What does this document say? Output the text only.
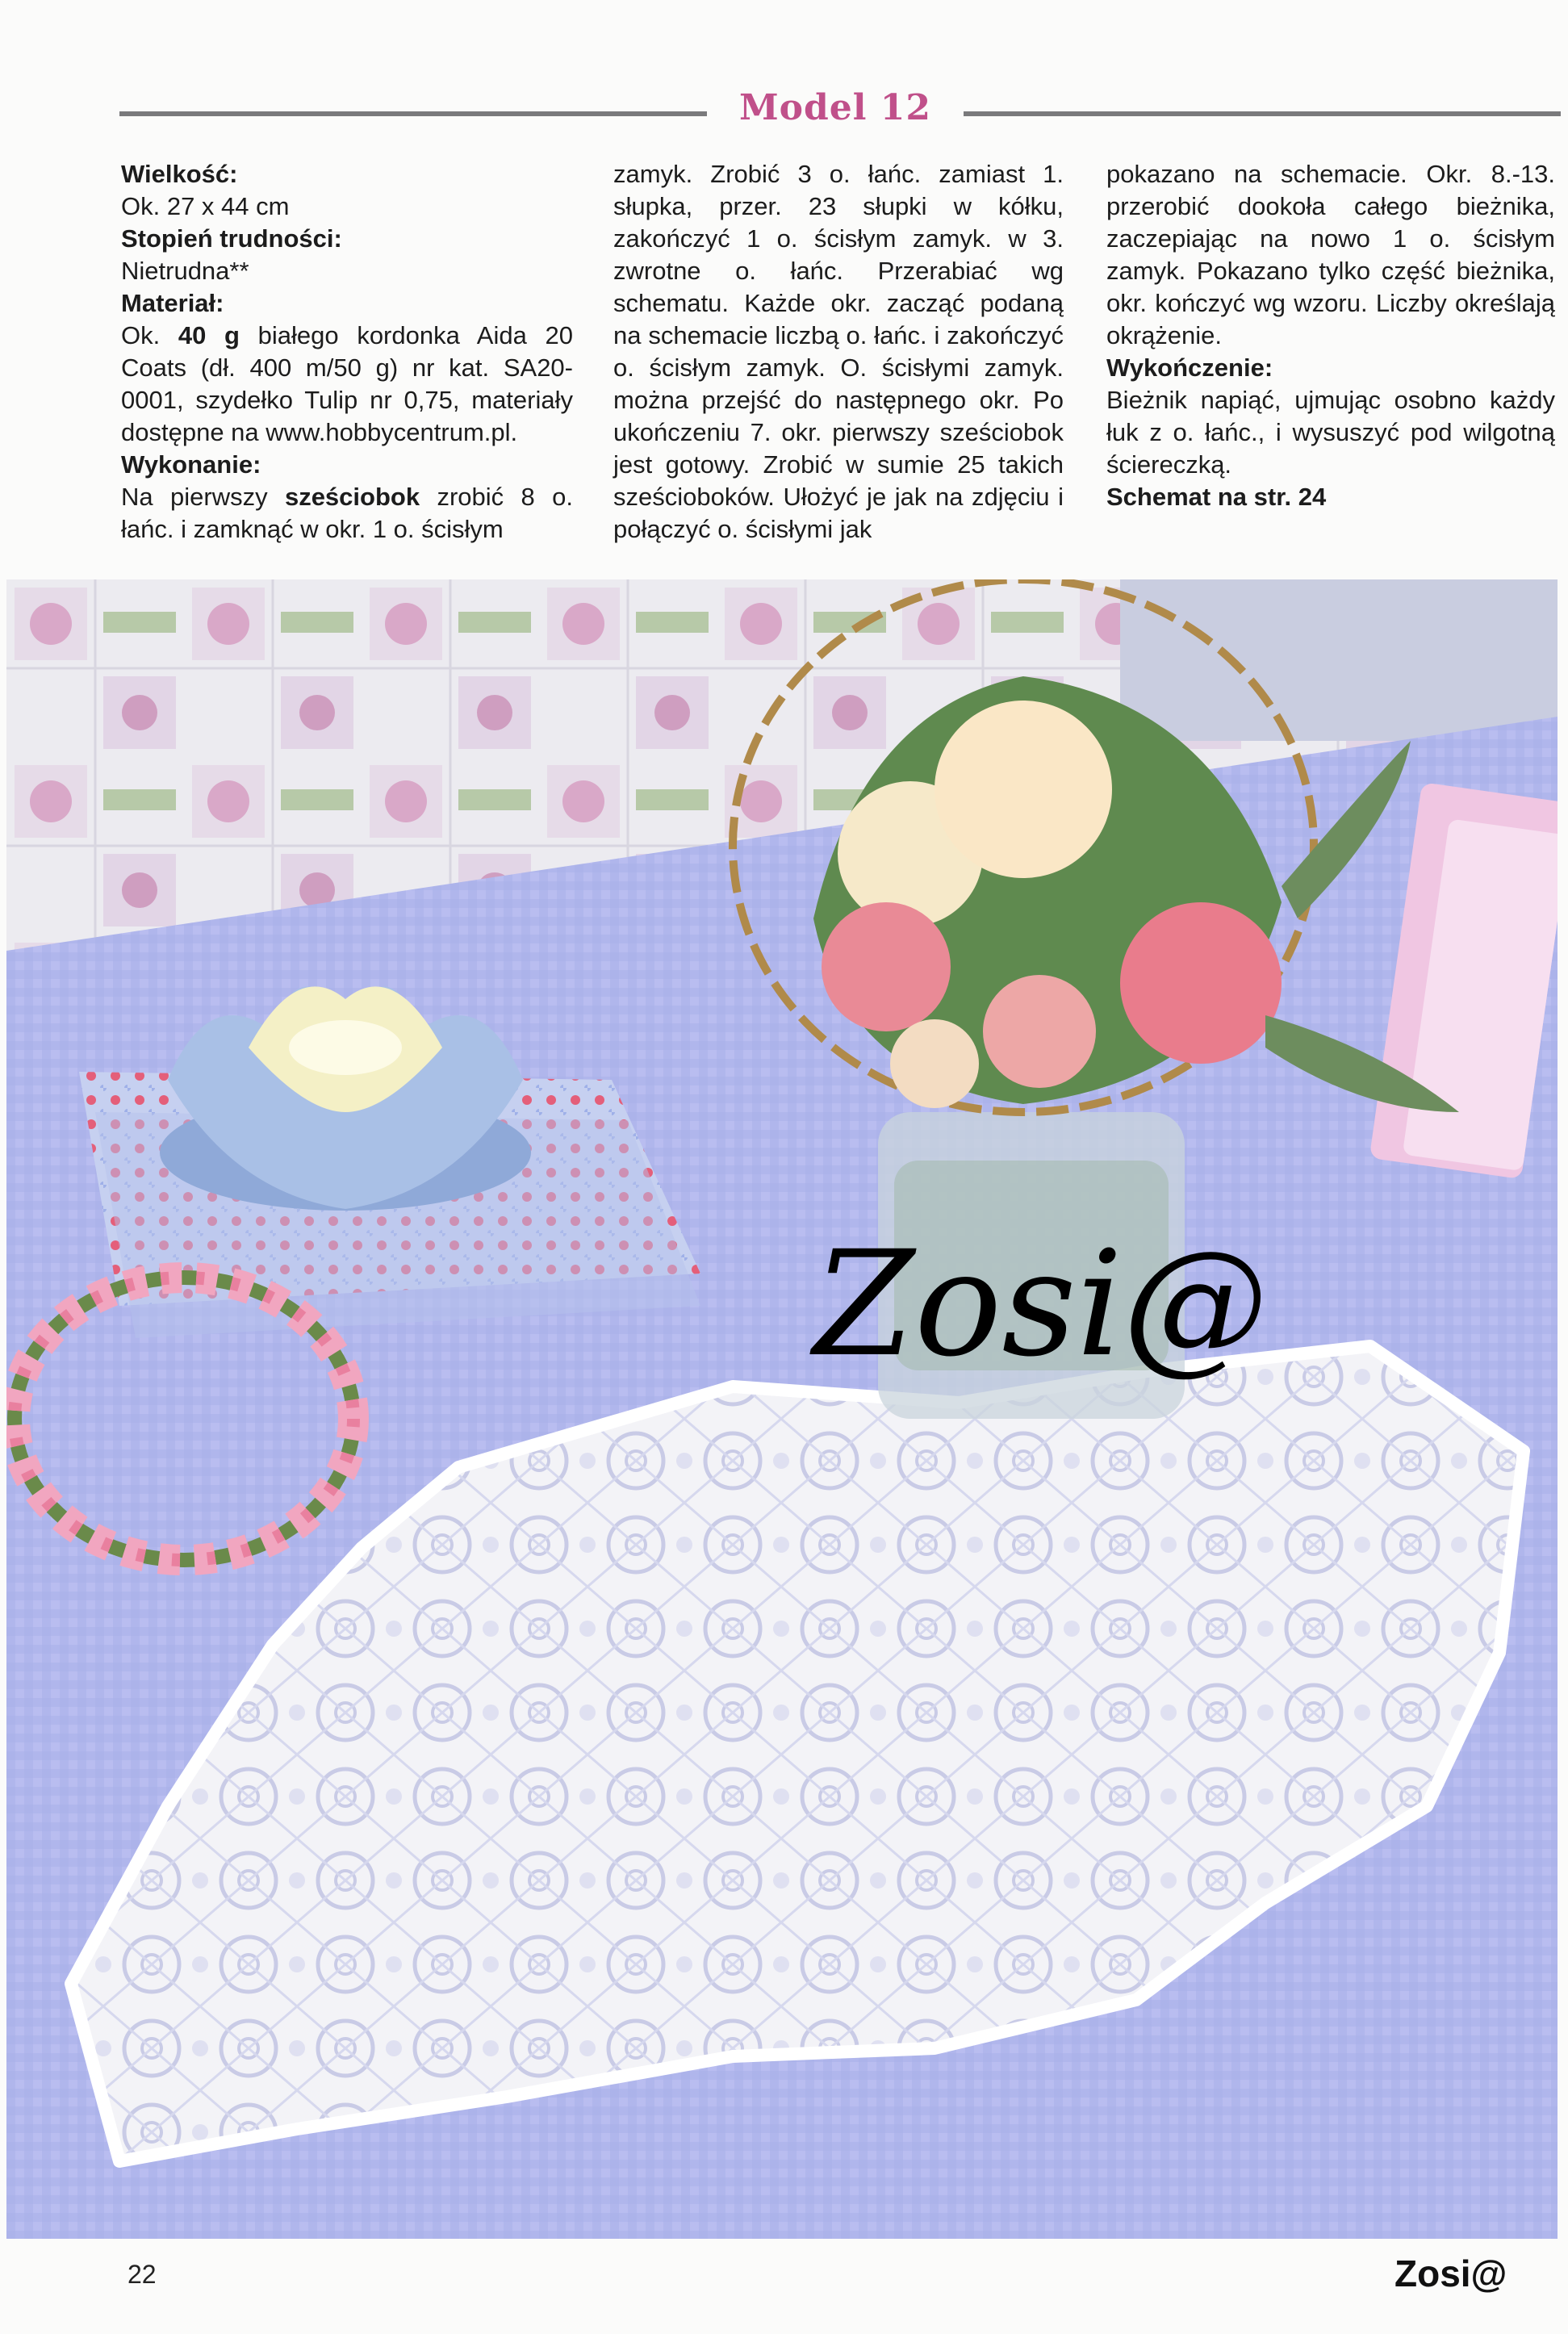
Model 12

Wielkość:

Ok. 27 x 44 cm

Stopień trudności:

Nietrudna**

Materiał:

Ok. 40 g białego kordonka Aida 20 Coats (dł. 400 m/50 g) nr kat. SA20-0001, szydełko Tulip nr 0,75, materiały dostępne na www.hobbycentrum.pl.

Wykonanie:

Na pierwszy sześciobok zrobić 8 o. łańc. i zamknąć w okr. 1 o. ścisłym

zamyk. Zrobić 3 o. łańc. zamiast 1. słupka, przer. 23 słupki w kółku, zakończyć 1 o. ścisłym zamyk. w 3. zwrotne o. łańc. Przerabiać wg schematu. Każde okr. zacząć podaną na schemacie liczbą o. łańc. i zakończyć o. ścisłym zamyk. O. ścisłymi zamyk. można przejść do następnego okr. Po ukończeniu 7. okr. pierwszy sześciobok jest gotowy. Zrobić w sumie 25 takich sześcioboków. Ułożyć je jak na zdjęciu i połączyć o. ścisłymi jak

pokazano na schemacie. Okr. 8.-13. przerobić dookoła całego bieżnika, zaczepiając na nowo 1 o. ścisłym zamyk. Pokazano tylko część bieżnika, okr. kończyć wg wzoru. Liczby określają okrążenie.

Wykończenie:

Bieżnik napiąć, ujmując osobno każdy łuk z o. łańc., i wysuszyć pod wilgotną ściereczką.

Schemat na str. 24

Zosi@
22	Zosi@
